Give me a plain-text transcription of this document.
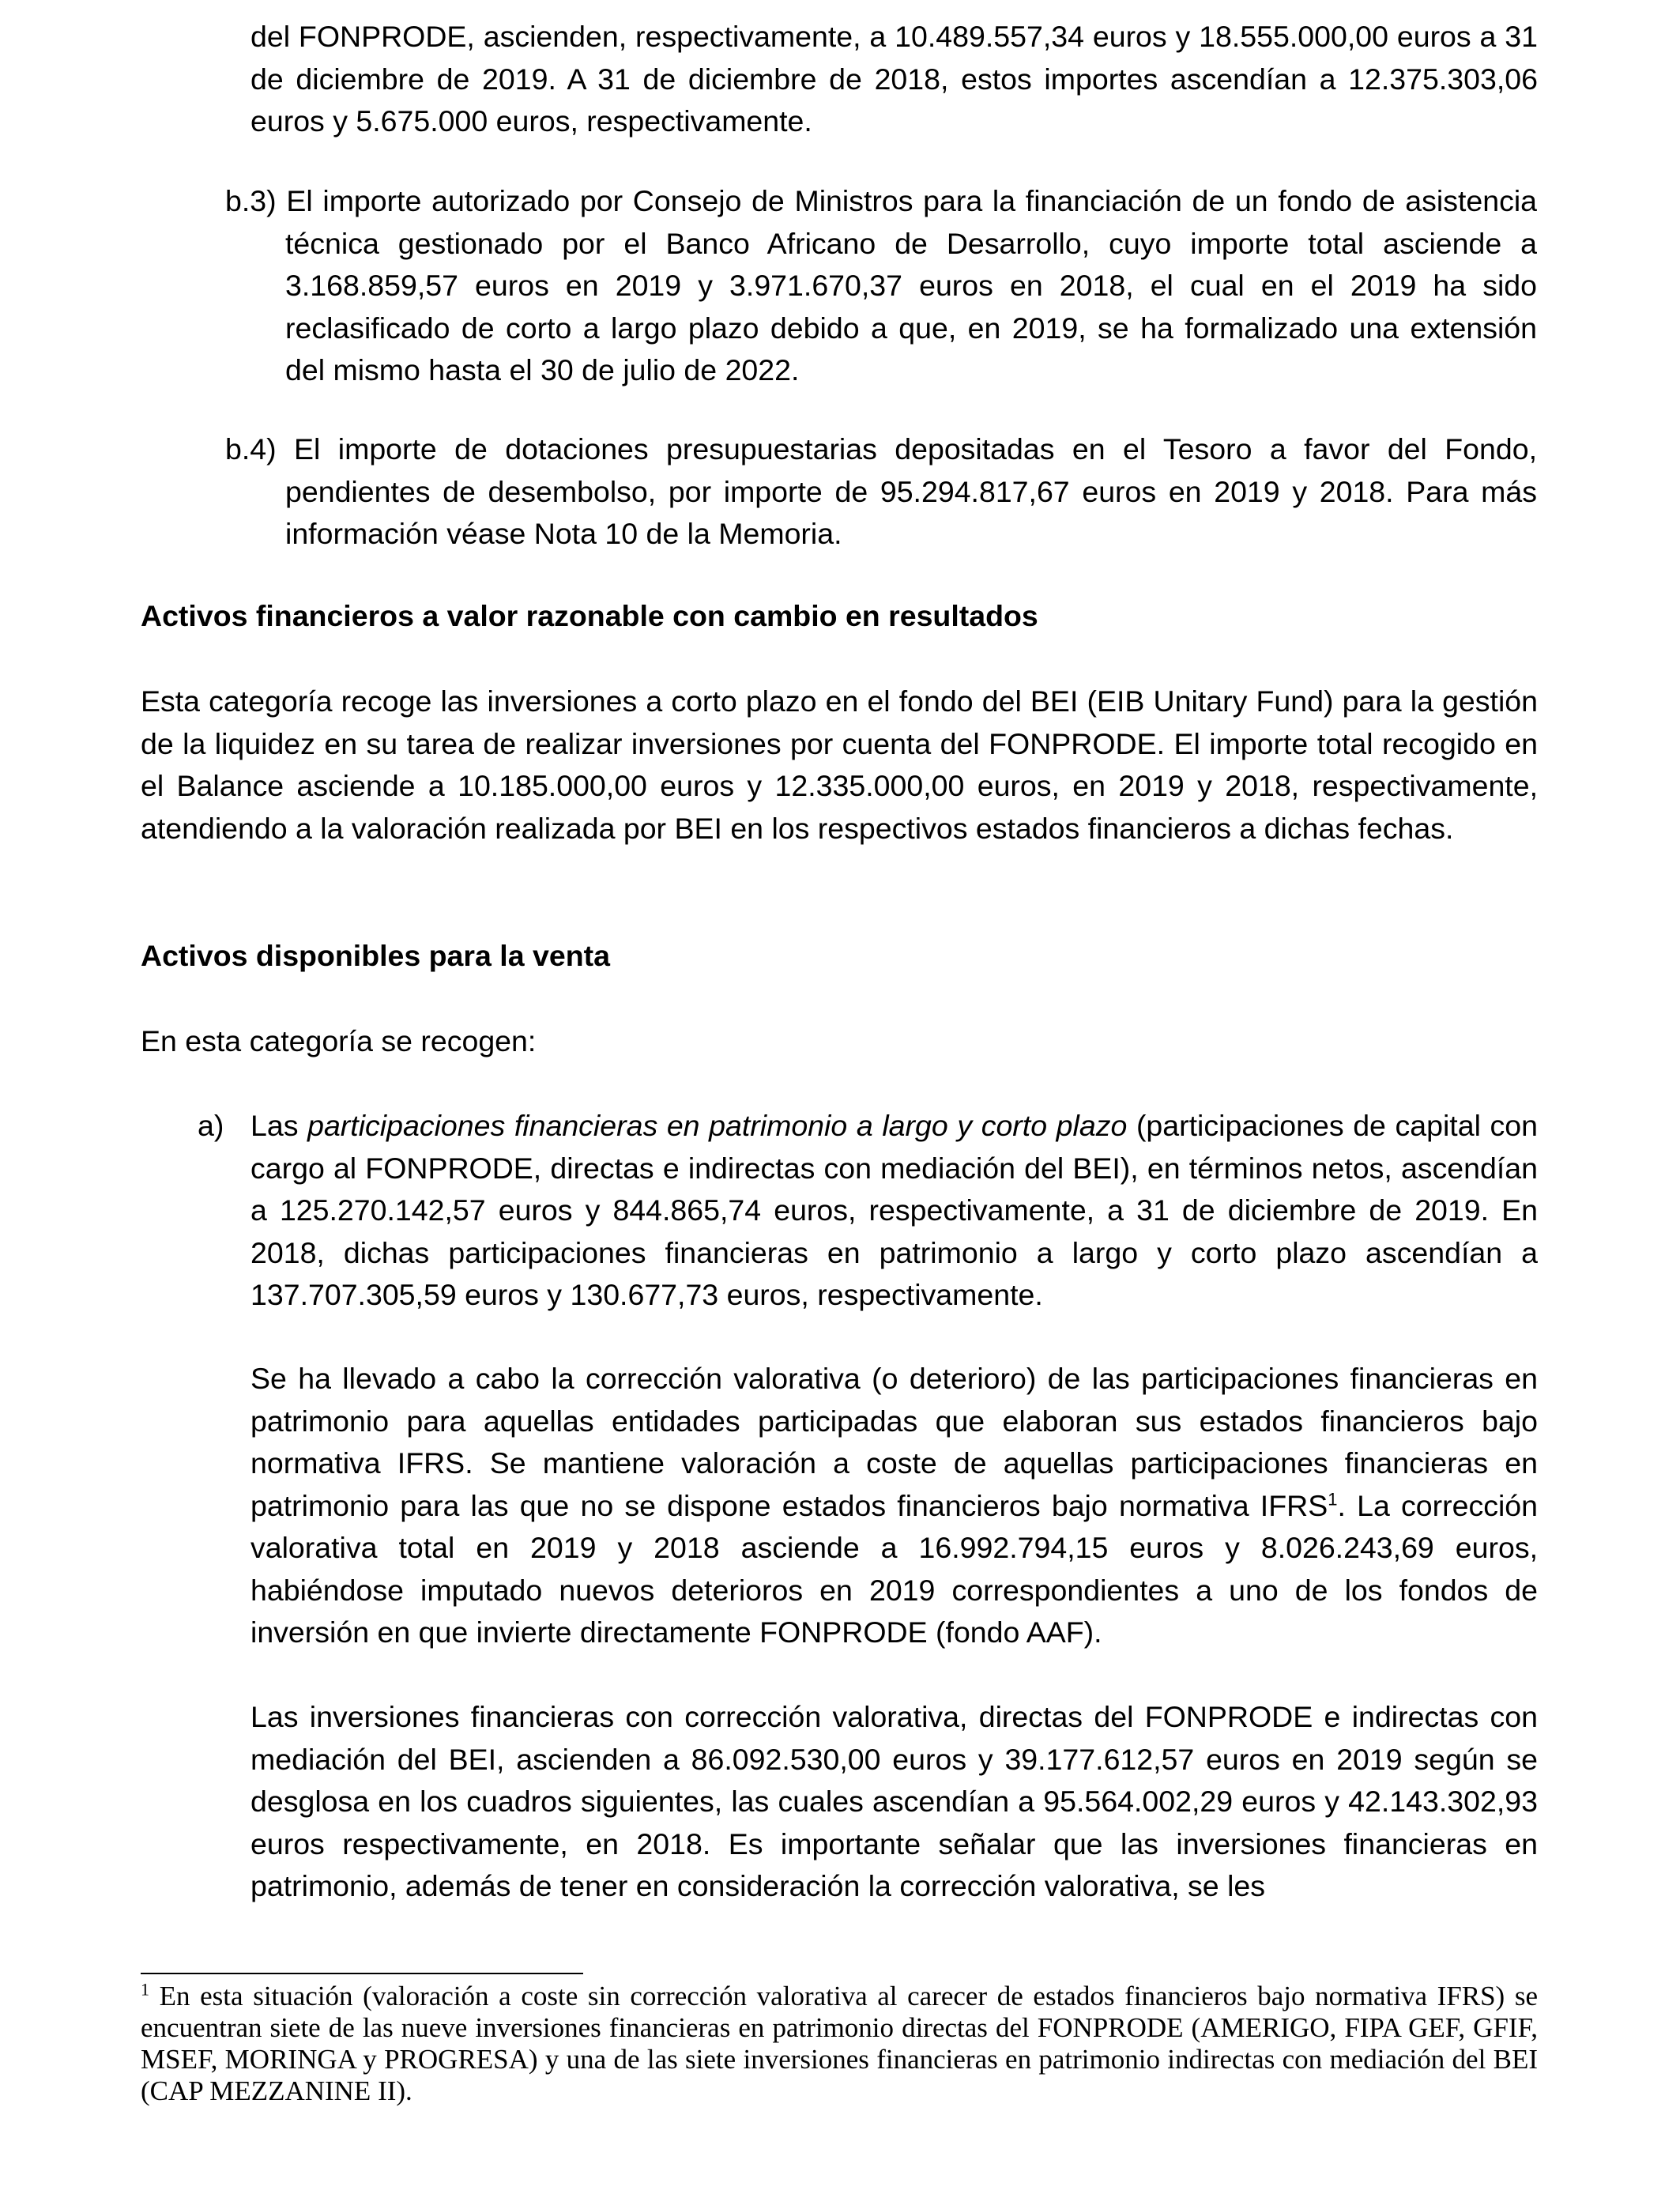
del FONPRODE, ascienden, respectivamente, a 10.489.557,34 euros y 18.555.000,00 euros a 31 de diciembre de 2019. A 31 de diciembre de 2018, estos importes ascendían a 12.375.303,06 euros y 5.675.000 euros, respectivamente.

b.3) El importe autorizado por Consejo de Ministros para la financiación de un fondo de asistencia técnica gestionado por el Banco Africano de Desarrollo, cuyo importe total asciende a 3.168.859,57 euros en 2019 y 3.971.670,37 euros en 2018, el cual en el 2019 ha sido reclasificado de corto a largo plazo debido a que, en 2019, se ha formalizado una extensión del mismo hasta el 30 de julio de 2022.

b.4) El importe de dotaciones presupuestarias depositadas en el Tesoro a favor del Fondo, pendientes de desembolso, por importe de 95.294.817,67 euros en 2019 y 2018. Para más información véase Nota 10 de la Memoria.

Activos financieros a valor razonable con cambio en resultados

Esta categoría recoge las inversiones a corto plazo en el fondo del BEI (EIB Unitary Fund) para la gestión de la liquidez en su tarea de realizar inversiones por cuenta del FONPRODE. El importe total recogido en el Balance asciende a 10.185.000,00 euros y 12.335.000,00 euros, en 2019 y 2018, respectivamente, atendiendo a la valoración realizada por BEI en los respectivos estados financieros a dichas fechas.

Activos disponibles para la venta

En esta categoría se recogen:

a) Las participaciones financieras en patrimonio a largo y corto plazo (participaciones de capital con cargo al FONPRODE, directas e indirectas con mediación del BEI), en términos netos, ascendían a 125.270.142,57 euros y 844.865,74 euros, respectivamente, a 31 de diciembre de 2019. En 2018, dichas participaciones financieras en patrimonio a largo y corto plazo ascendían a 137.707.305,59 euros y 130.677,73 euros, respectivamente.

Se ha llevado a cabo la corrección valorativa (o deterioro) de las participaciones financieras en patrimonio para aquellas entidades participadas que elaboran sus estados financieros bajo normativa IFRS. Se mantiene valoración a coste de aquellas participaciones financieras en patrimonio para las que no se dispone estados financieros bajo normativa IFRS$^1$. La corrección valorativa total en 2019 y 2018 asciende a 16.992.794,15 euros y 8.026.243,69 euros, habiéndose imputado nuevos deterioros en 2019 correspondientes a uno de los fondos de inversión en que invierte directamente FONPRODE (fondo AAF).

Las inversiones financieras con corrección valorativa, directas del FONPRODE e indirectas con mediación del BEI, ascienden a 86.092.530,00 euros y 39.177.612,57 euros en 2019 según se desglosa en los cuadros siguientes, las cuales ascendían a 95.564.002,29 euros y 42.143.302,93 euros respectivamente, en 2018. Es importante señalar que las inversiones financieras en patrimonio, además de tener en consideración la corrección valorativa, se les

$^1$ En esta situación (valoración a coste sin corrección valorativa al carecer de estados financieros bajo normativa IFRS) se encuentran siete de las nueve inversiones financieras en patrimonio directas del FONPRODE (AMERIGO, FIPA GEF, GFIF, MSEF, MORINGA y PROGRESA) y una de las siete inversiones financieras en patrimonio indirectas con mediación del BEI (CAP MEZZANINE II).
